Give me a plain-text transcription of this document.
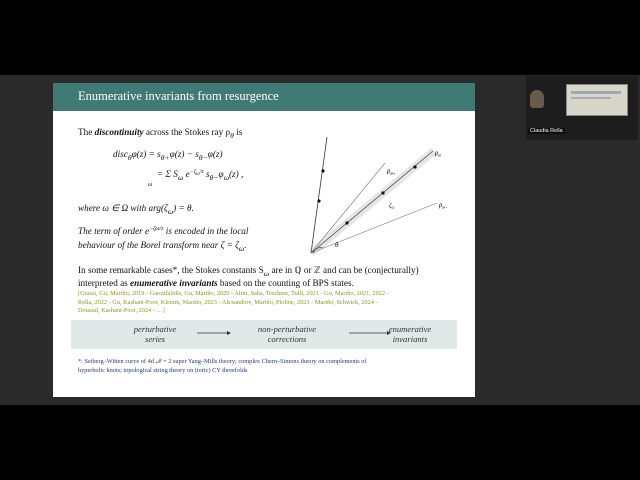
Enumerative invariants from resurgence
The discontinuity across the Stokes ray $\rho_\theta$ is
disc$_\theta$φ(z) = $s_{\theta+}\varphi(z) - s_{\theta-}\varphi(z)$
= Σ $S_\omega$ $e^{-\zeta_\omega/z}$ $s_{\theta-}\varphi_\omega(z)$ ,
ω
where ω ∈ Ω with $arg(\zeta_\omega) = \theta$.
The term of order $e^{-\zeta\omega/z}$ is encoded in the local
behaviour of the Borel transform near $\zeta = \zeta_\omega$.
In some remarkable cases*, the Stokes constants $S_\omega$ are in ℚ or ℤ and can be (conjecturally)
interpreted as enumerative invariants based on the counting of BPS states.
[Grassi, Gu, Mariño, 2019 - Garoufalidis, Gu, Mariño, 2020 - Alim, Saha, Teschner, Tulli, 2021 - Gu, Mariño, 2021, 2022 -
Rella, 2022 - Gu, Kashani-Poor, Klemm, Mariño, 2023 - Alexandrov, Mariño, Pioline, 2023 - Mariño, Schwick, 2024 -
Douaud, Kashani-Poor, 2024 - …]
perturbative
series
non-perturbative
corrections
enumerative
invariants
*: Seiberg–Witten curve of 4d 𝒩 = 2 super Yang–Mills theory; complex Chern–Simons theory on complements of
hyperbolic knots; topological string theory on (toric) CY threefolds
$\rho_{\theta+}$
$\rho_\theta$
$\rho_{\theta-}$
$\zeta_\omega$
θ
Claudia Rella
